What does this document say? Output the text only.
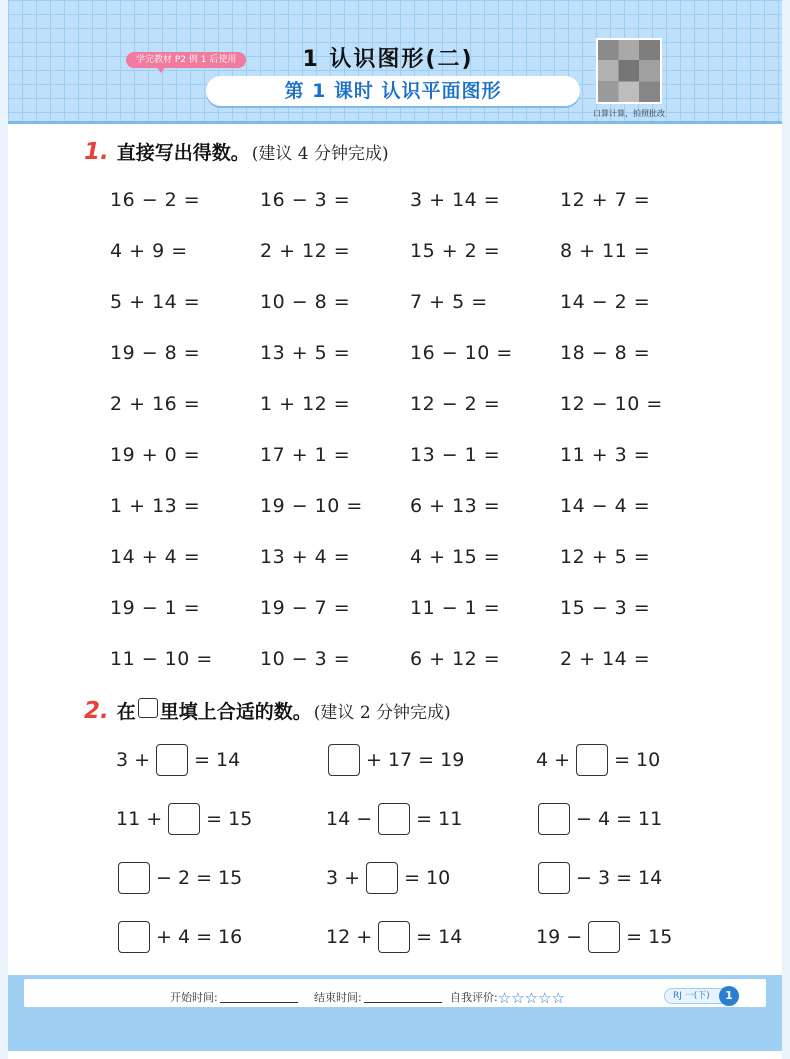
学完教材 P2 例 1 后使用	1 认识图形(二)
第 1 课时 认识平面图形
口算计算，拍照批改
1. 直接写出得数。 (建议 4 分钟完成)
16 − 2 =	16 − 3 =	3 + 14 =	12 + 7 =
4 + 9 =	2 + 12 =	15 + 2 =	8 + 11 =
5 + 14 =	10 − 8 =	7 + 5 =	14 − 2 =
19 − 8 =	13 + 5 =	16 − 10 =	18 − 8 =
2 + 16 =	1 + 12 =	12 − 2 =	12 − 10 =
19 + 0 =	17 + 1 =	13 − 1 =	11 + 3 =
1 + 13 =	19 − 10 =	6 + 13 =	14 − 4 =
14 + 4 =	13 + 4 =	4 + 15 =	12 + 5 =
19 − 1 =	19 − 7 =	11 − 1 =	15 − 3 =
11 − 10 =	10 − 3 =	6 + 12 =	2 + 14 =
2. 在 里填上合适的数。 (建议 2 分钟完成)
3 + = 14	+ 17 = 19	4 + = 10
11 + = 15	14 − = 11	− 4 = 11
− 2 = 15	3 + = 10	− 3 = 14
+ 4 = 16	12 + = 14	19 − = 15
开始时间:	结束时间:	自我评价:☆☆☆☆☆	RJ 一(下)	1
